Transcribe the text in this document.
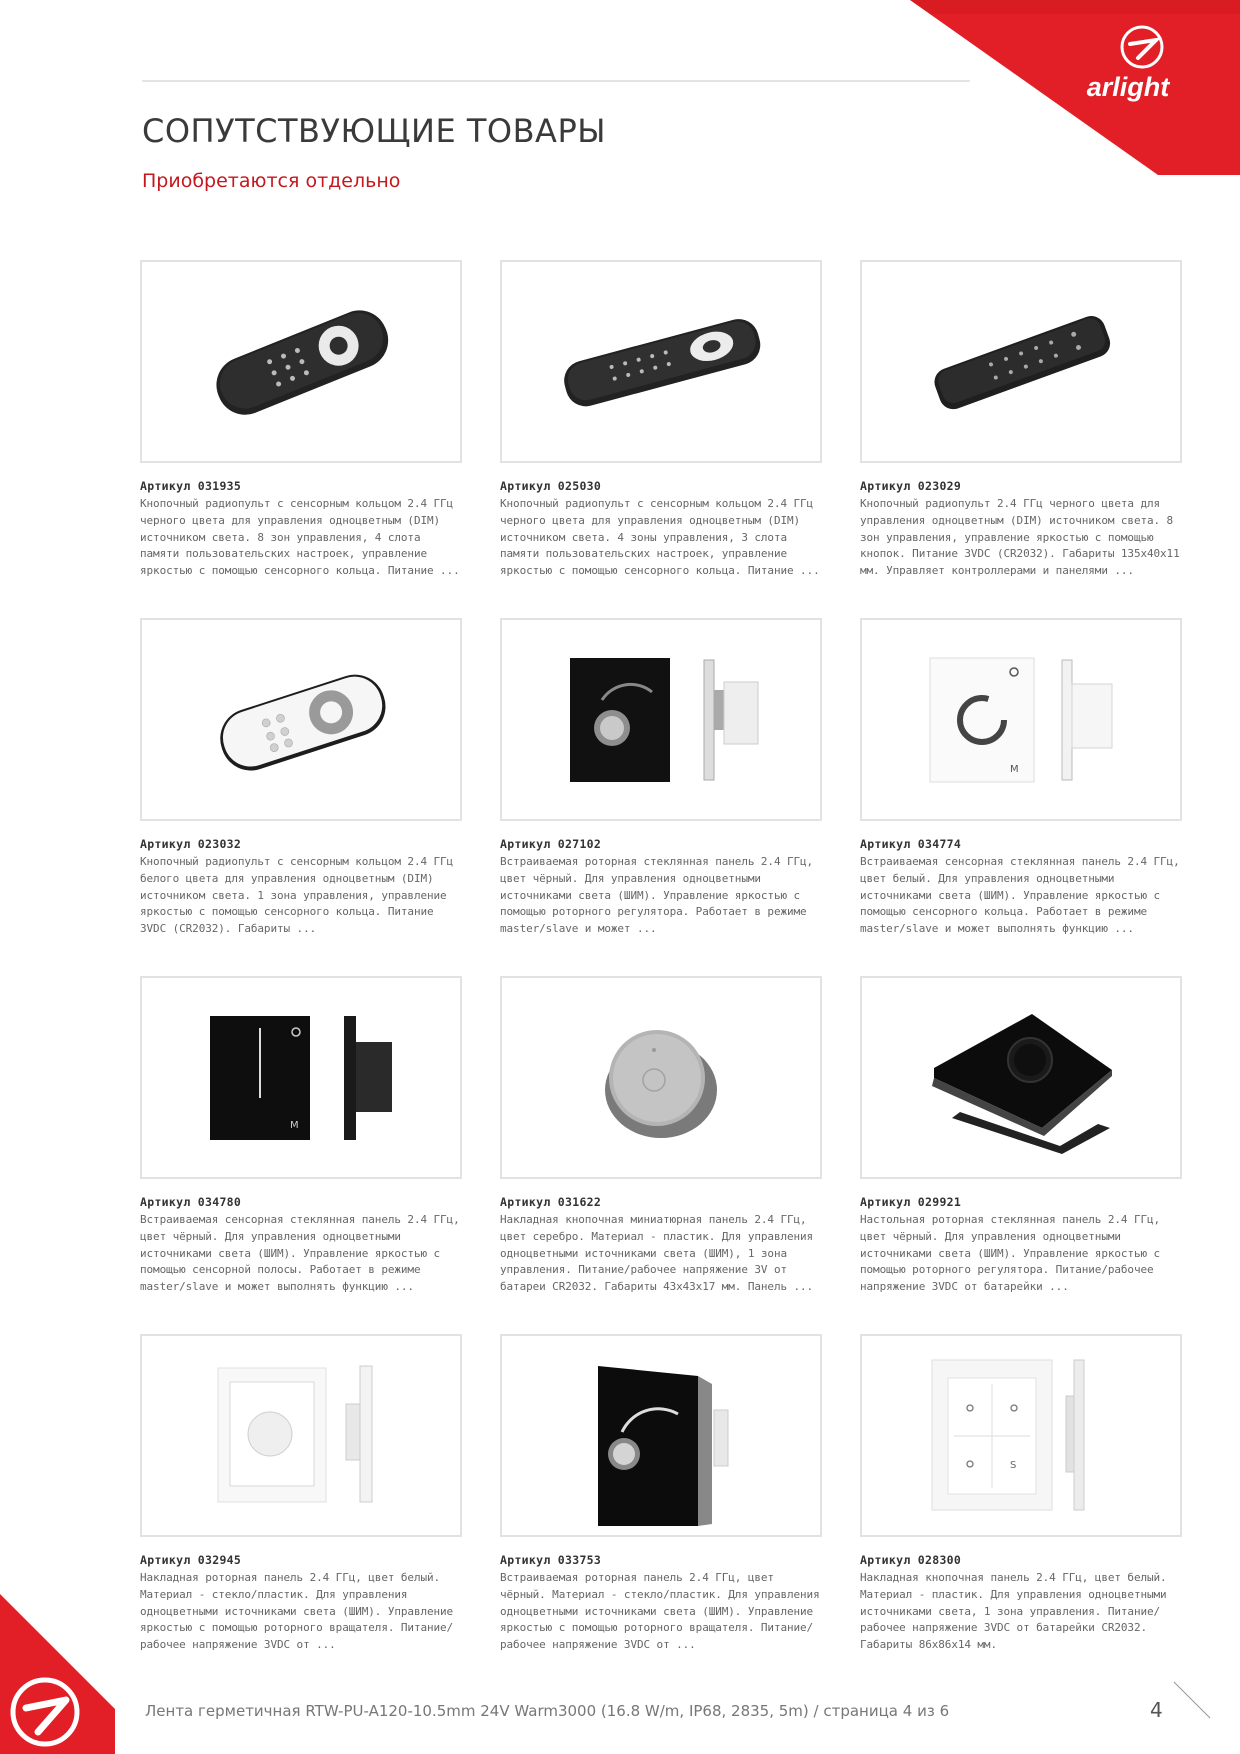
arlight
СОПУТСТВУЮЩИЕ ТОВАРЫ

Приобретаются отдельно

Артикул 031935
Кнопочный радиопульт с сенсорным кольцом 2.4 ГГц черного цвета для управления одноцветным (DIM) источником света. 8 зон управления, 4 слота памяти пользовательских настроек, управление яркостью с помощью сенсорного кольца. Питание ...
Артикул 025030
Кнопочный радиопульт с сенсорным кольцом 2.4 ГГц черного цвета для управления одноцветным (DIM) источником света. 4 зоны управления, 3 слота памяти пользовательских настроек, управление яркостью с помощью сенсорного кольца. Питание ...
Артикул 023029
Кнопочный радиопульт 2.4 ГГц черного цвета для управления одноцветным (DIM) источником света. 8 зон управления, управление яркостью с помощью кнопок. Питание 3VDC (CR2032). Габариты 135x40x11 мм. Управляет контроллерами и панелями ...
Артикул 023032
Кнопочный радиопульт с сенсорным кольцом 2.4 ГГц белого цвета для управления одноцветным (DIM) источником света. 1 зона управления, управление яркостью с помощью сенсорного кольца. Питание 3VDC (CR2032). Габариты ...
Артикул 027102
Встраиваемая роторная стеклянная панель 2.4 ГГц, цвет чёрный. Для управления одноцветными источниками света (ШИМ). Управление яркостью с помощью роторного регулятора. Работает в режиме master/slave и может ...
M
Артикул 034774
Встраиваемая сенсорная стеклянная панель 2.4 ГГц, цвет белый. Для управления одноцветными источниками света (ШИМ). Управление яркостью с помощью сенсорного кольца. Работает в режиме master/slave и может выполнять функцию ...
M
Артикул 034780
Встраиваемая сенсорная стеклянная панель 2.4 ГГц, цвет чёрный. Для управления одноцветными источниками света (ШИМ). Управление яркостью с помощью сенсорной полосы. Работает в режиме master/slave и может выполнять функцию ...
Артикул 031622
Накладная кнопочная миниатюрная панель 2.4 ГГц, цвет серебро. Материал - пластик. Для управления одноцветными источниками света (ШИМ), 1 зона управления. Питание/рабочее напряжение 3V от батареи CR2032. Габариты 43x43x17 мм. Панель ...
Артикул 029921
Настольная роторная стеклянная панель 2.4 ГГц, цвет чёрный. Для управления одноцветными источниками света (ШИМ). Управление яркостью с помощью роторного регулятора. Питание/рабочее напряжение 3VDC от батарейки ...
Артикул 032945
Накладная роторная панель 2.4 ГГц, цвет белый. Материал - стекло/пластик. Для управления одноцветными источниками света (ШИМ). Управление яркостью с помощью роторного вращателя. Питание/рабочее напряжение 3VDC от ...
Артикул 033753
Встраиваемая роторная панель 2.4 ГГц, цвет чёрный. Материал - стекло/пластик. Для управления одноцветными источниками света (ШИМ). Управление яркостью с помощью роторного вращателя. Питание/рабочее напряжение 3VDC от ...
S
Артикул 028300
Накладная кнопочная панель 2.4 ГГц, цвет белый. Материал - пластик. Для управления одноцветными источниками света, 1 зона управления. Питание/рабочее напряжение 3VDC от батарейки CR2032. Габариты 86x86x14 мм.

Лента герметичная RTW-PU-A120-10.5mm 24V Warm3000 (16.8 W/m, IP68, 2835, 5m) / страница 4 из 6	4
